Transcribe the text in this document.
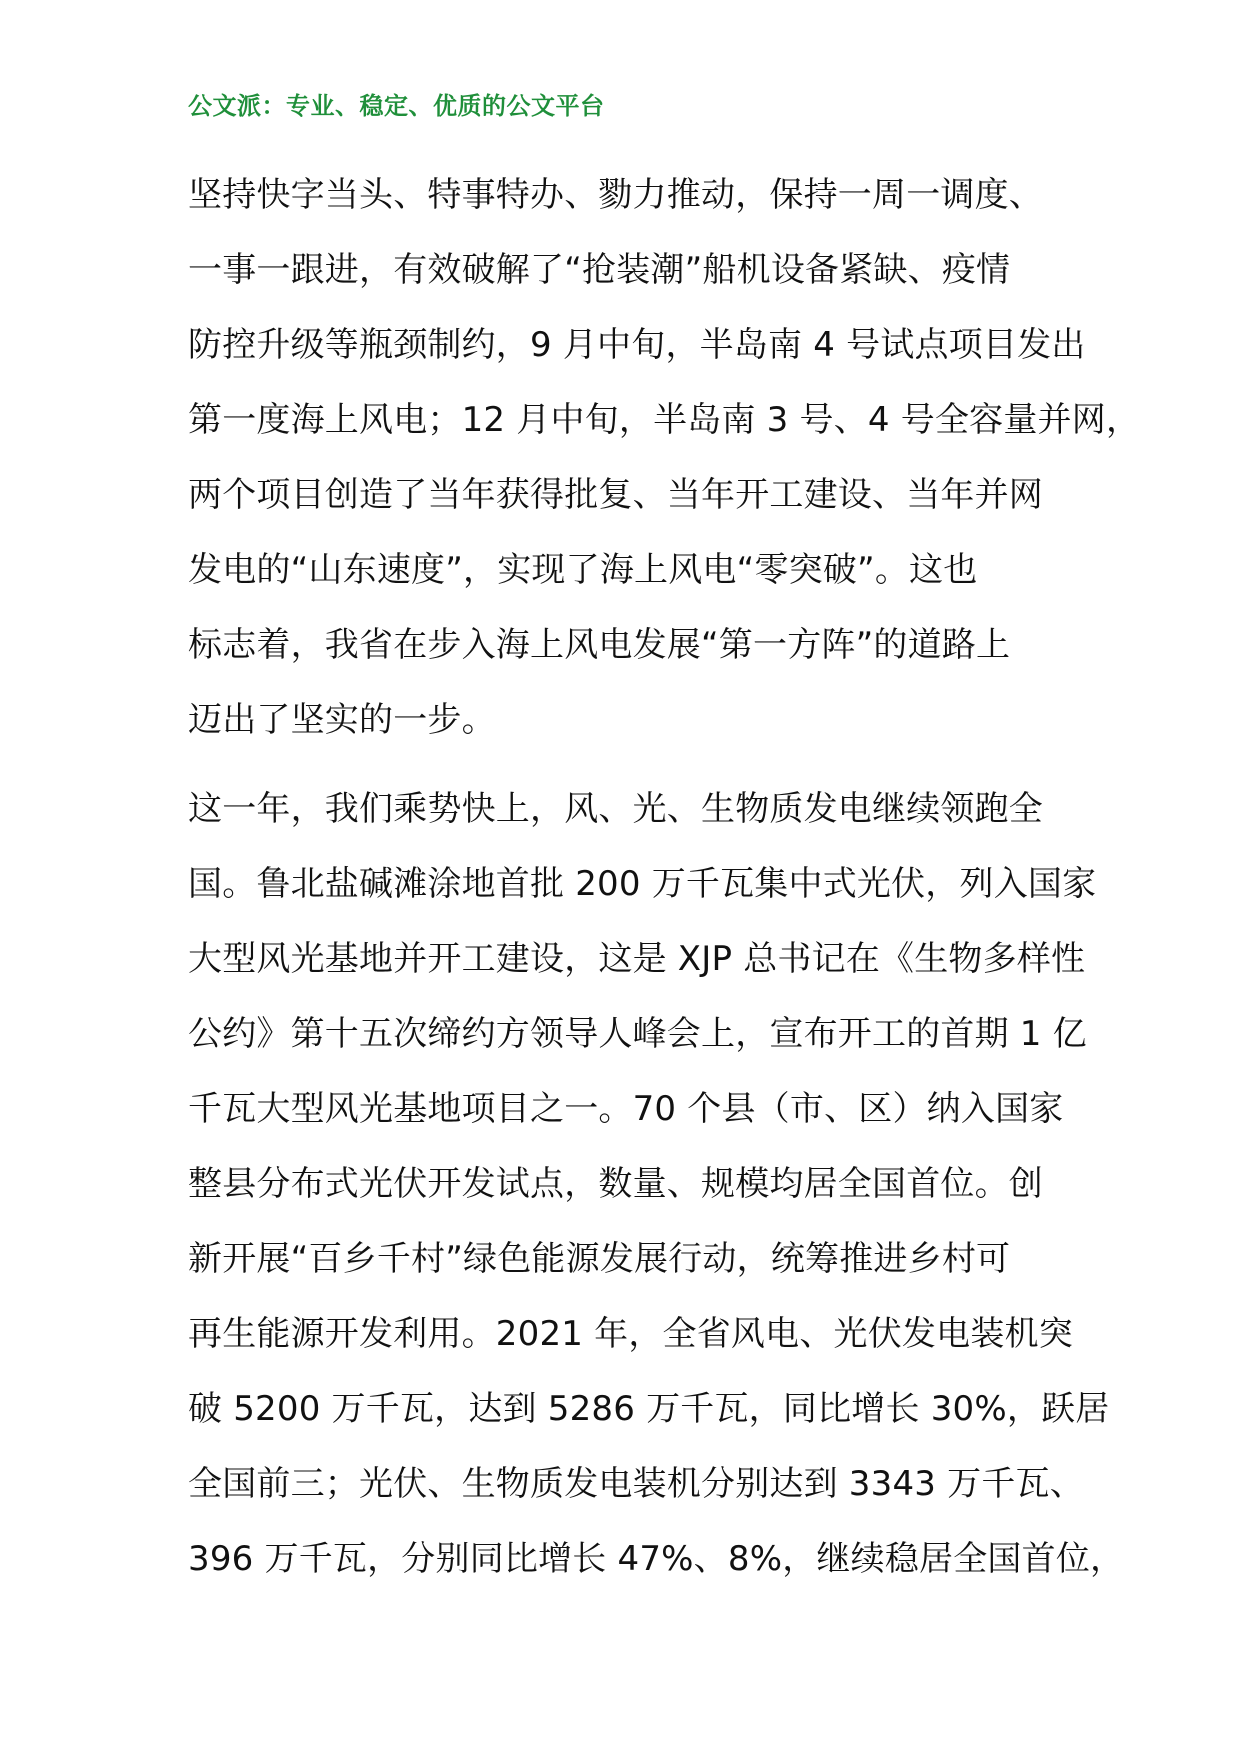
公文派：专业、稳定、优质的公文平台
坚持快字当头、特事特办、勠力推动，保持一周一调度、
一事一跟进，有效破解了“抢装潮”船机设备紧缺、疫情
防控升级等瓶颈制约，9 月中旬，半岛南 4 号试点项目发出
第一度海上风电；12 月中旬，半岛南 3 号、4 号全容量并网，
两个项目创造了当年获得批复、当年开工建设、当年并网
发电的“山东速度”，实现了海上风电“零突破”。这也
标志着，我省在步入海上风电发展“第一方阵”的道路上
迈出了坚实的一步。
这一年，我们乘势快上，风、光、生物质发电继续领跑全
国。鲁北盐碱滩涂地首批 200 万千瓦集中式光伏，列入国家
大型风光基地并开工建设，这是 XJP 总书记在《生物多样性
公约》第十五次缔约方领导人峰会上，宣布开工的首期 1 亿
千瓦大型风光基地项目之一。70 个县（市、区）纳入国家
整县分布式光伏开发试点，数量、规模均居全国首位。创
新开展“百乡千村”绿色能源发展行动，统筹推进乡村可
再生能源开发利用。2021 年，全省风电、光伏发电装机突
破 5200 万千瓦，达到 5286 万千瓦，同比增长 30%，跃居
全国前三；光伏、生物质发电装机分别达到 3343 万千瓦、
396 万千瓦，分别同比增长 47%、8%，继续稳居全国首位，
